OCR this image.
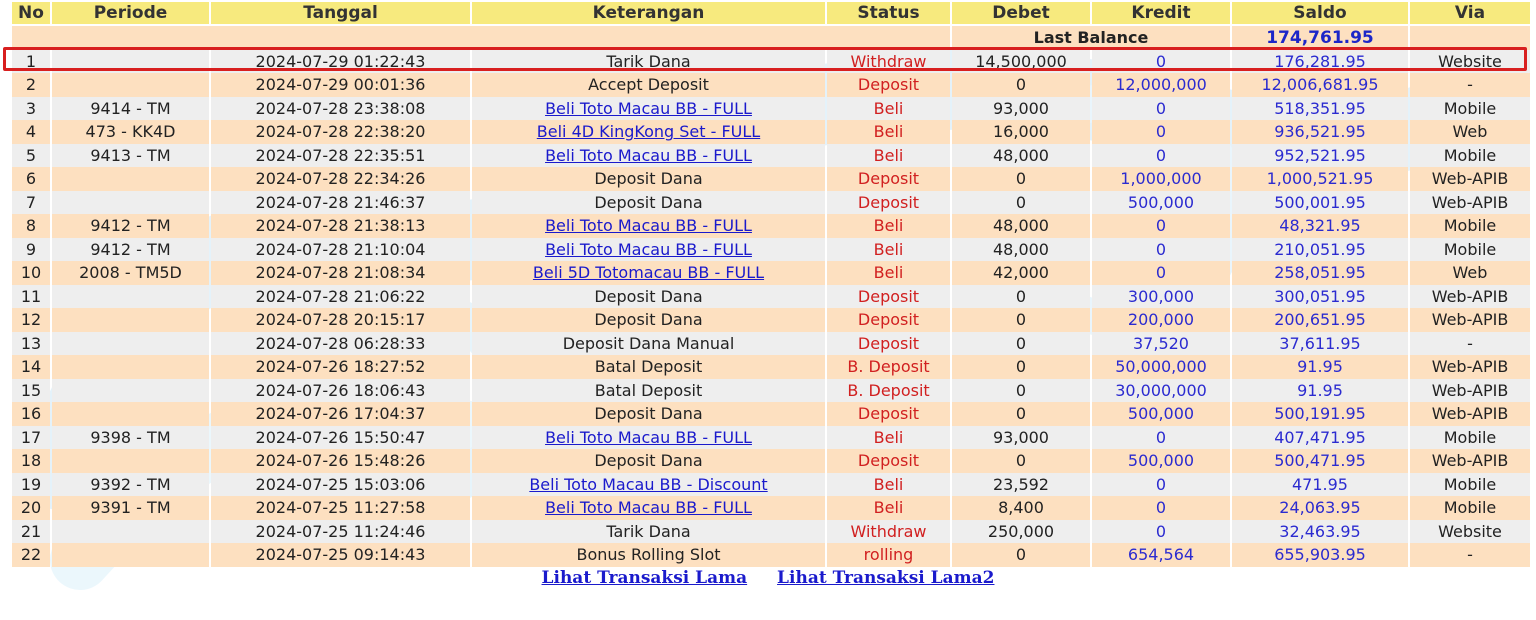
No	Periode	Tanggal	Keterangan	Status	Debet	Kredit	Saldo	Via
					Last Balance		174,761.95	
1		2024-07-29 01:22:43	Tarik Dana	Withdraw	14,500,000	0	176,281.95	Website
2		2024-07-29 00:01:36	Accept Deposit	Deposit	0	12,000,000	12,006,681.95	-
3	9414 - TM	2024-07-28 23:38:08	Beli Toto Macau BB - FULL	Beli	93,000	0	518,351.95	Mobile
4	473 - KK4D	2024-07-28 22:38:20	Beli 4D KingKong Set - FULL	Beli	16,000	0	936,521.95	Web
5	9413 - TM	2024-07-28 22:35:51	Beli Toto Macau BB - FULL	Beli	48,000	0	952,521.95	Mobile
6		2024-07-28 22:34:26	Deposit Dana	Deposit	0	1,000,000	1,000,521.95	Web-APIB
7		2024-07-28 21:46:37	Deposit Dana	Deposit	0	500,000	500,001.95	Web-APIB
8	9412 - TM	2024-07-28 21:38:13	Beli Toto Macau BB - FULL	Beli	48,000	0	48,321.95	Mobile
9	9412 - TM	2024-07-28 21:10:04	Beli Toto Macau BB - FULL	Beli	48,000	0	210,051.95	Mobile
10	2008 - TM5D	2024-07-28 21:08:34	Beli 5D Totomacau BB - FULL	Beli	42,000	0	258,051.95	Web
11		2024-07-28 21:06:22	Deposit Dana	Deposit	0	300,000	300,051.95	Web-APIB
12		2024-07-28 20:15:17	Deposit Dana	Deposit	0	200,000	200,651.95	Web-APIB
13		2024-07-28 06:28:33	Deposit Dana Manual	Deposit	0	37,520	37,611.95	-
14		2024-07-26 18:27:52	Batal Deposit	B. Deposit	0	50,000,000	91.95	Web-APIB
15		2024-07-26 18:06:43	Batal Deposit	B. Deposit	0	30,000,000	91.95	Web-APIB
16		2024-07-26 17:04:37	Deposit Dana	Deposit	0	500,000	500,191.95	Web-APIB
17	9398 - TM	2024-07-26 15:50:47	Beli Toto Macau BB - FULL	Beli	93,000	0	407,471.95	Mobile
18		2024-07-26 15:48:26	Deposit Dana	Deposit	0	500,000	500,471.95	Web-APIB
19	9392 - TM	2024-07-25 15:03:06	Beli Toto Macau BB - Discount	Beli	23,592	0	471.95	Mobile
20	9391 - TM	2024-07-25 11:27:58	Beli Toto Macau BB - FULL	Beli	8,400	0	24,063.95	Mobile
21		2024-07-25 11:24:46	Tarik Dana	Withdraw	250,000	0	32,463.95	Website
22		2024-07-25 09:14:43	Bonus Rolling Slot	rolling	0	654,564	655,903.95	-
Lihat Transaksi Lama Lihat Transaksi Lama2
